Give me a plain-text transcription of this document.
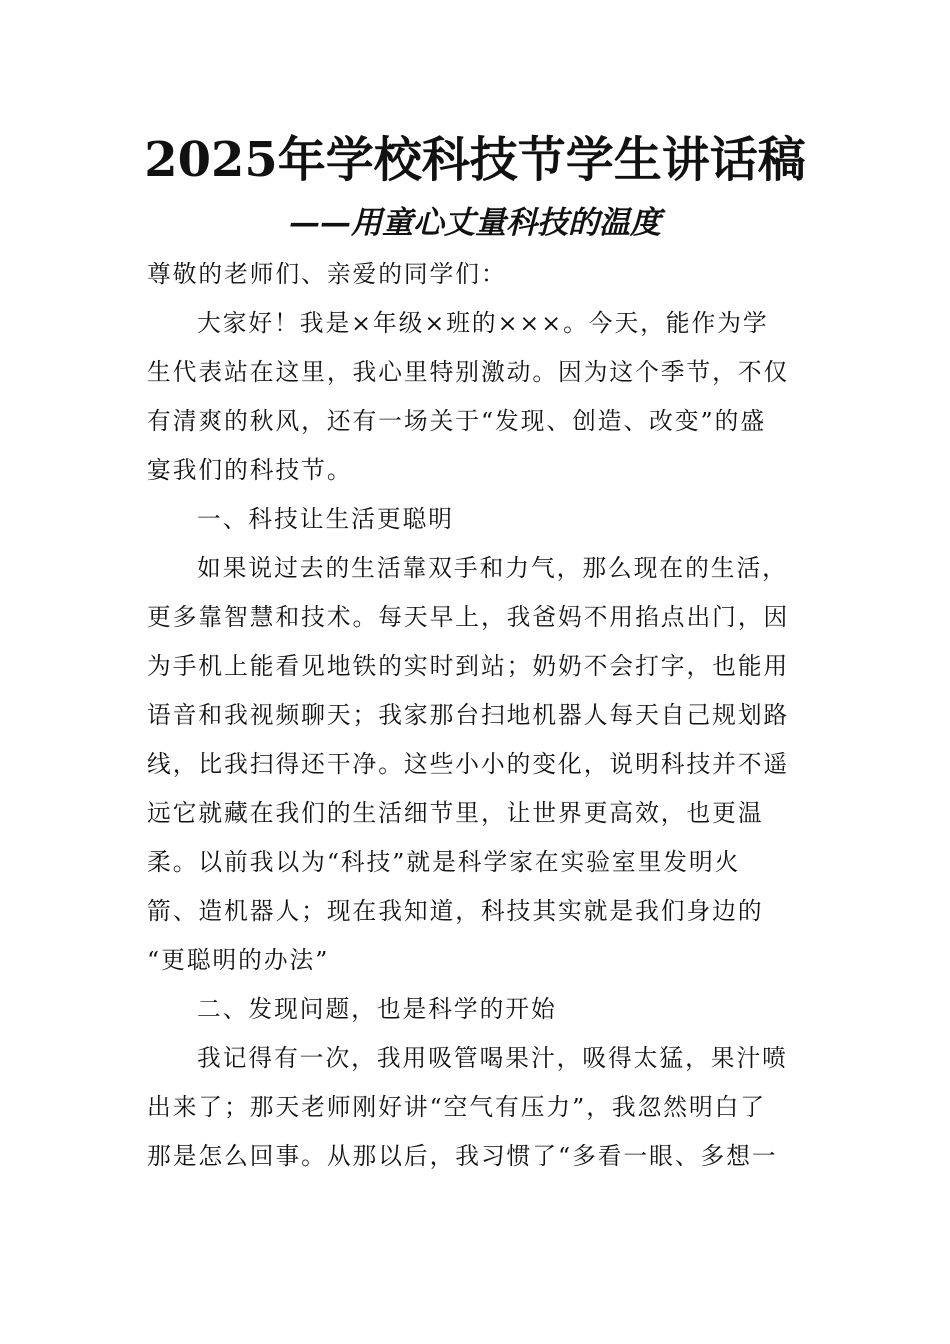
2025年学校科技节学生讲话稿
——用童心丈量科技的温度
尊敬的老师们、亲爱的同学们：
大家好！我是×年级×班的×××。今天，能作为学
生代表站在这里，我心里特别激动。因为这个季节，不仅
有清爽的秋风，还有一场关于“发现、创造、改变”的盛
宴我们的科技节。
一、科技让生活更聪明
如果说过去的生活靠双手和力气，那么现在的生活，
更多靠智慧和技术。每天早上，我爸妈不用掐点出门，因
为手机上能看见地铁的实时到站；奶奶不会打字，也能用
语音和我视频聊天；我家那台扫地机器人每天自己规划路
线，比我扫得还干净。这些小小的变化，说明科技并不遥
远它就藏在我们的生活细节里，让世界更高效，也更温
柔。以前我以为“科技”就是科学家在实验室里发明火
箭、造机器人；现在我知道，科技其实就是我们身边的
“更聪明的办法”
二、发现问题，也是科学的开始
我记得有一次，我用吸管喝果汁，吸得太猛，果汁喷
出来了；那天老师刚好讲“空气有压力”，我忽然明白了
那是怎么回事。从那以后，我习惯了“多看一眼、多想一
